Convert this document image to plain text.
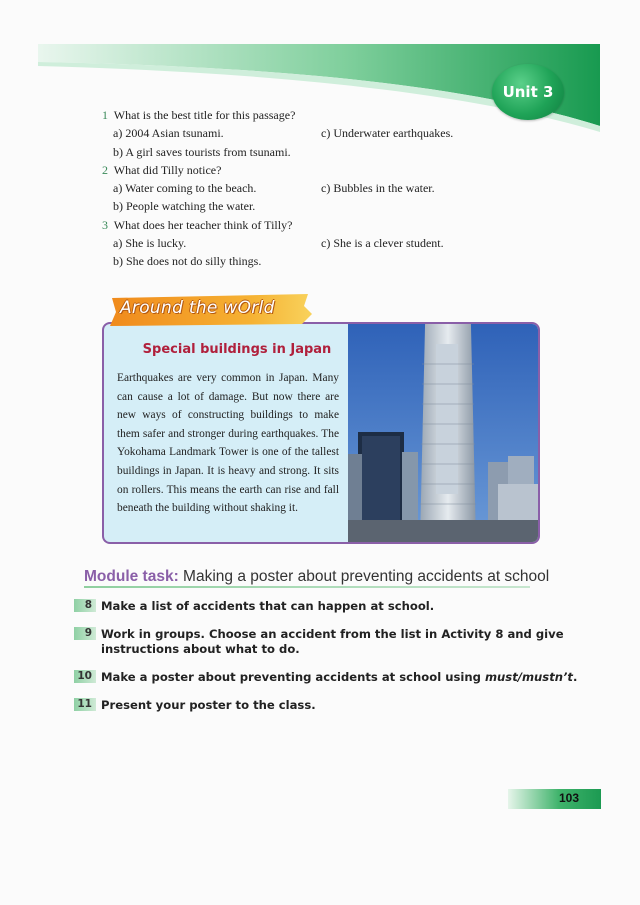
Unit 3
1 What is the best title for this passage?
a) 2004 Asian tsunami.	c) Underwater earthquakes.
b) A girl saves tourists from tsunami.
2 What did Tilly notice?
a) Water coming to the beach.	c) Bubbles in the water.
b) People watching the water.
3 What does her teacher think of Tilly?
a) She is lucky.	c) She is a clever student.
b) She does not do silly things.
Around the wOrld
Special buildings in Japan
Earthquakes are very common in Japan. Many can cause a lot of damage. But now there are new ways of constructing buildings to make them safer and stronger during earthquakes. The Yokohama Landmark Tower is one of the tallest buildings in Japan. It is heavy and strong. It sits on rollers. This means the earth can rise and fall beneath the building without shaking it.
Module task: Making a poster about preventing accidents at school
8 Make a list of accidents that can happen at school.
9 Work in groups. Choose an accident from the list in Activity 8 and give instructions about what to do.
10 Make a poster about preventing accidents at school using must/mustn’t.
11 Present your poster to the class.
103
